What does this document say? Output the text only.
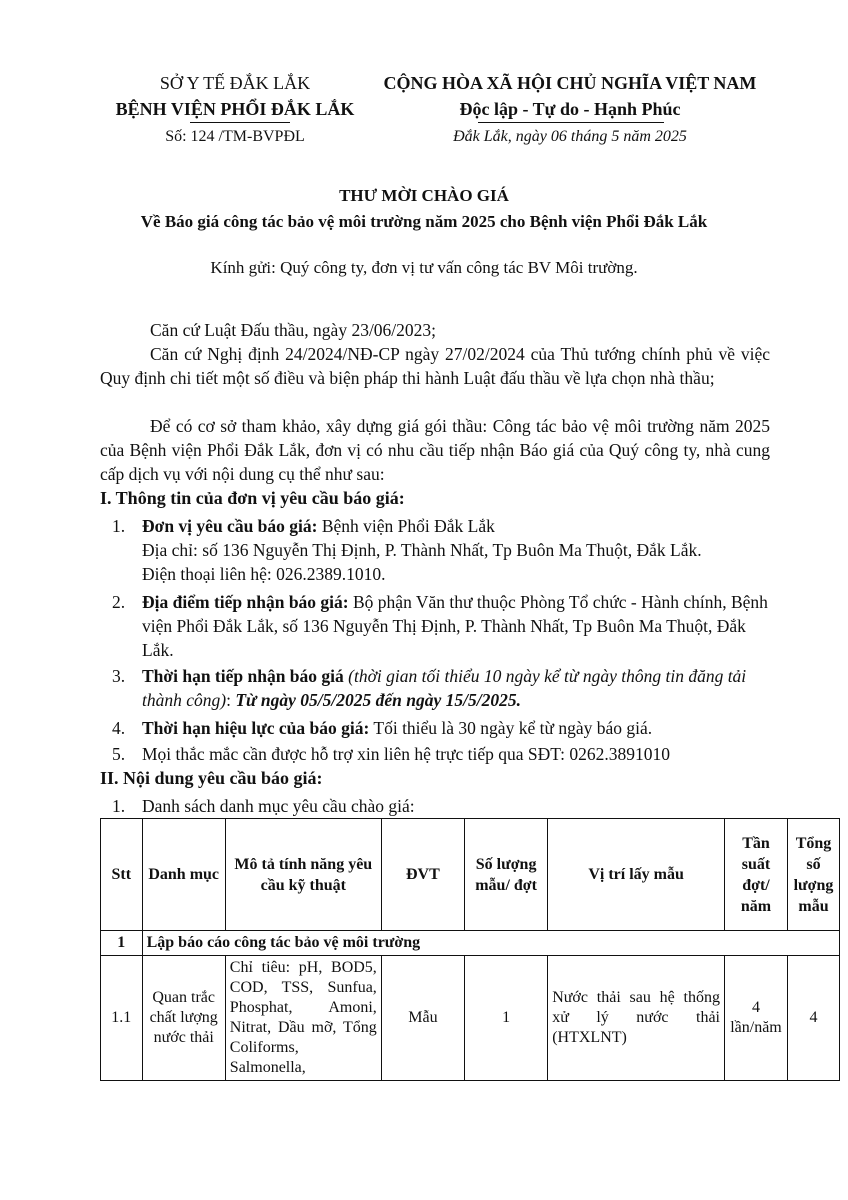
SỞ Y TẾ ĐẮK LẮK
BỆNH VIỆN PHỔI ĐẮK LẮK
Số: 124 /TM-BVPĐL
CỘNG HÒA XÃ HỘI CHỦ NGHĨA VIỆT NAM
Độc lập - Tự do - Hạnh Phúc
Đắk Lắk, ngày 06 tháng 5 năm 2025
THƯ MỜI CHÀO GIÁ
Về Báo giá công tác bảo vệ môi trường năm 2025 cho Bệnh viện Phổi Đắk Lắk
Kính gửi: Quý công ty, đơn vị tư vấn công tác BV Môi trường.
Căn cứ Luật Đấu thầu, ngày 23/06/2023;
Căn cứ Nghị định 24/2024/NĐ-CP ngày 27/02/2024 của Thủ tướng chính phủ về việc Quy định chi tiết một số điều và biện pháp thi hành Luật đấu thầu về lựa chọn nhà thầu;
Để có cơ sở tham khảo, xây dựng giá gói thầu: Công tác bảo vệ môi trường năm 2025 của Bệnh viện Phổi Đắk Lắk, đơn vị có nhu cầu tiếp nhận Báo giá của Quý công ty, nhà cung cấp dịch vụ với nội dung cụ thể như sau:
I. Thông tin của đơn vị yêu cầu báo giá:
1. Đơn vị yêu cầu báo giá: Bệnh viện Phổi Đắk Lắk
Địa chỉ: số 136 Nguyễn Thị Định, P. Thành Nhất, Tp Buôn Ma Thuột, Đắk Lắk.
Điện thoại liên hệ: 026.2389.1010.
2. Địa điểm tiếp nhận báo giá: Bộ phận Văn thư thuộc Phòng Tổ chức - Hành chính, Bệnh viện Phổi Đắk Lắk, số 136 Nguyễn Thị Định, P. Thành Nhất, Tp Buôn Ma Thuột, Đắk Lắk.
3. Thời hạn tiếp nhận báo giá (thời gian tối thiểu 10 ngày kể từ ngày thông tin đăng tải thành công): Từ ngày 05/5/2025 đến ngày 15/5/2025.
4. Thời hạn hiệu lực của báo giá: Tối thiểu là 30 ngày kể từ ngày báo giá.
5. Mọi thắc mắc cần được hỗ trợ xin liên hệ trực tiếp qua SĐT: 0262.3891010
II. Nội dung yêu cầu báo giá:
1. Danh sách danh mục yêu cầu chào giá:
Stt	Danh mục	Mô tả tính năng yêu cầu kỹ thuật	ĐVT	Số lượng mẫu/ đợt	Vị trí lấy mẫu	Tần suất đợt/ năm	Tổng số lượng mẫu
1	Lập báo cáo công tác bảo vệ môi trường						
1.1	Quan trắc chất lượng nước thải	Chỉ tiêu: pH, BOD5, COD, TSS, Sunfua, Phosphat, Amoni, Nitrat, Dầu mỡ, Tổng Coliforms, Salmonella,	Mẫu	1	Nước thải sau hệ thống xử lý nước thải (HTXLNT)	4 lần/năm	4
